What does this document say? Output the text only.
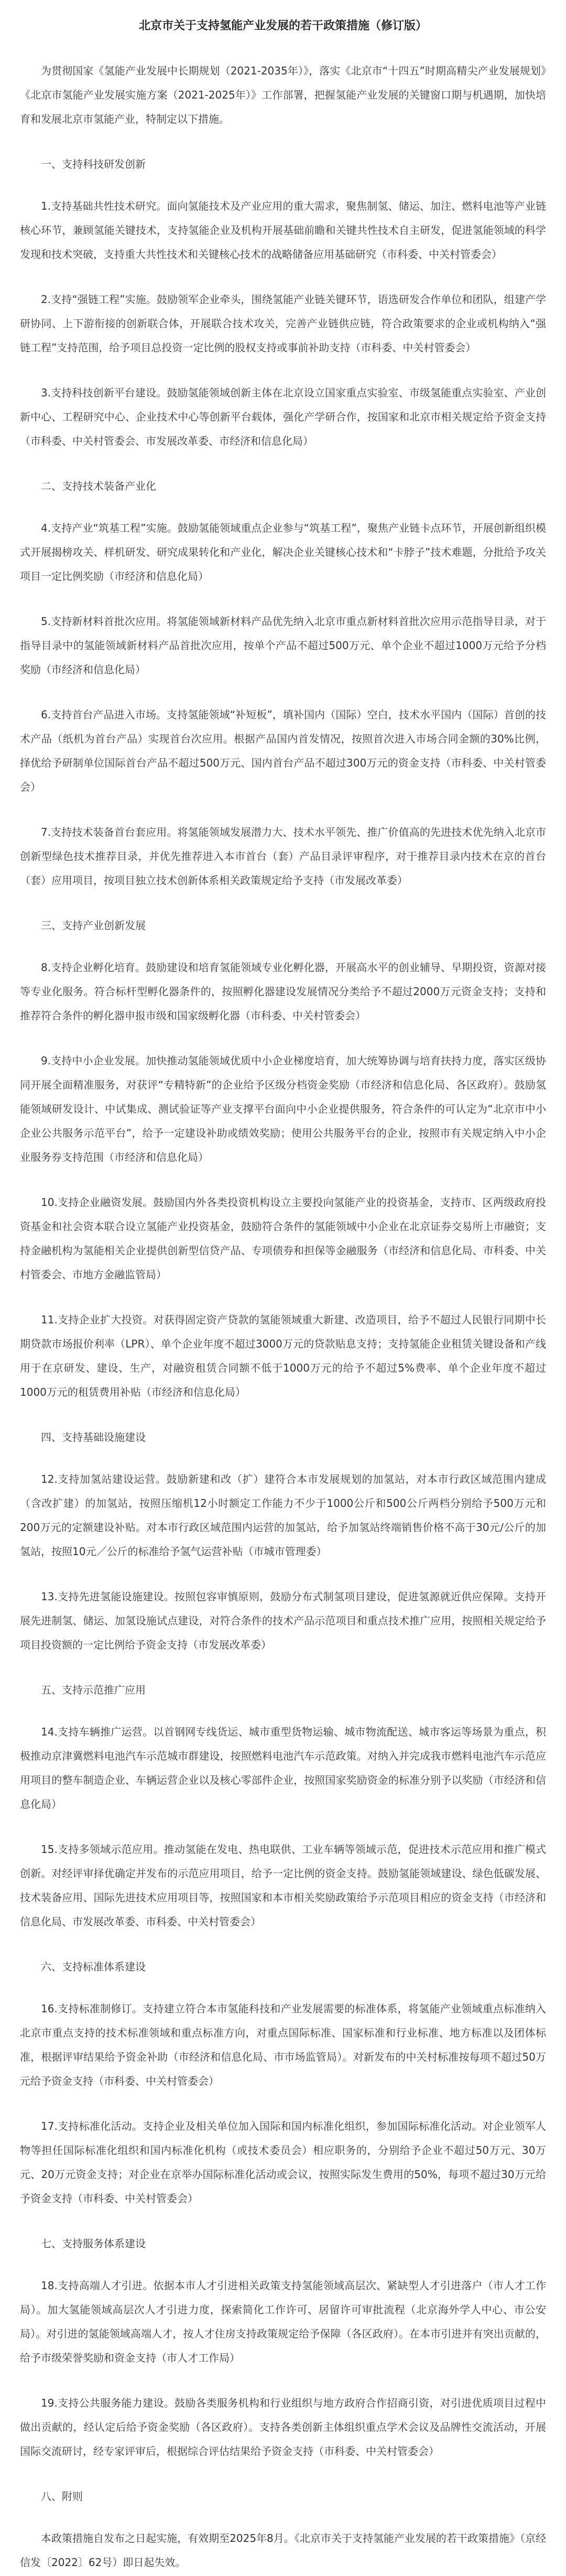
北京市关于支持氢能产业发展的若干政策措施（修订版）

为贯彻国家《氢能产业发展中长期规划（2021-2035年）》，落实《北京市“十四五”时期高精尖产业发展规划》《北京市氢能产业发展实施方案（2021-2025年）》工作部署，把握氢能产业发展的关键窗口期与机遇期，加快培育和发展北京市氢能产业，特制定以下措施。

一、支持科技研发创新

1.支持基础共性技术研究。面向氢能技术及产业应用的重大需求，聚焦制氢、储运、加注、燃料电池等产业链核心环节，兼顾氢能关键技术，支持氢能企业及机构开展基础前瞻和关键共性技术自主研发，促进氢能领域的科学发现和技术突破，支持重大共性技术和关键核心技术的战略储备应用基础研究（市科委、中关村管委会）

2.支持“强链工程”实施。鼓励领军企业牵头，围绕氢能产业链关键环节，语选研发合作单位和团队，组建产学研协同、上下游衔接的创新联合体，开展联合技术攻关，完善产业链供应链，符合政策要求的企业或机构纳入“强链工程”支持范围，给予项目总投资一定比例的股权支持或事前补助支持（市科委、中关村管委会）

3.支持科技创新平台建设。鼓励氢能领域创新主体在北京设立国家重点实验室、市级氢能重点实验室、产业创新中心、工程研究中心、企业技术中心等创新平台载体，强化产学研合作，按国家和北京市相关规定给予资金支持（市科委、中关村管委会、市发展改革委、市经济和信息化局）

二、支持技术装备产业化

4.支持产业“筑基工程”实施。鼓励氢能领域重点企业参与“筑基工程”，聚焦产业链卡点环节，开展创新组织模式开展揭榜攻关、样机研发、研究成果转化和产业化，解决企业关键核心技术和“卡脖子”技术难题，分批给予攻关项目一定比例奖励（市经济和信息化局）

5.支持新材料首批次应用。将氢能领域新材料产品优先纳入北京市重点新材料首批次应用示范指导目录，对于指导目录中的氢能领域新材料产品首批次应用，按单个产品不超过500万元、单个企业不超过1000万元给予分档奖励（市经济和信息化局）

6.支持首台产品进入市场。支持氢能领域“补短板”，填补国内（国际）空白，技术水平国内（国际）首创的技术产品（纸机为首台产品）实现首台次应用。根据产品国内首发情况，按照首次进入市场合同金额的30%比例，择优给予研制单位国际首台产品不超过500万元、国内首台产品不超过300万元的资金支持（市科委、中关村管委会）

7.支持技术装备首台套应用。将氢能领域发展潜力大、技术水平领先、推广价值高的先进技术优先纳入北京市创新型绿色技术推荐目录，并优先推荐进入本市首台（套）产品目录评审程序，对于推荐目录内技术在京的首台（套）应用项目，按项目独立技术创新体系相关政策规定给予支持（市发展改革委）

三、支持产业创新发展

8.支持企业孵化培育。鼓励建设和培育氢能领域专业化孵化器，开展高水平的创业辅导、早期投资，资源对接等专业化服务。符合标杆型孵化器条件的，按照孵化器建设发展情况分类给予不超过2000万元资金支持；支持和推荐符合条件的孵化器申报市级和国家级孵化器（市科委、中关村管委会）

9.支持中小企业发展。加快推动氢能领域优质中小企业梯度培育，加大统筹协调与培育扶持力度，落实区级协同开展全面精准服务，对获评“专精特新”的企业给予区级分档资金奖励（市经济和信息化局、各区政府）。鼓励氢能领域研发设计、中试集成、测试验证等产业支撑平台面向中小企业提供服务，符合条件的可认定为“北京市中小企业公共服务示范平台”，给予一定建设补助或绩效奖励；使用公共服务平台的企业，按照市有关规定纳入中小企业服务券支持范围（市经济和信息化局）

10.支持企业融资发展。鼓励国内外各类投资机构设立主要投向氢能产业的投资基金，支持市、区两级政府投资基金和社会资本联合设立氢能产业投资基金，鼓励符合条件的氢能领域中小企业在北京证券交易所上市融资；支持金融机构为氢能相关企业提供创新型信贷产品、专项债券和担保等金融服务（市经济和信息化局、市科委、中关村管委会、市地方金融监管局）

11.支持企业扩大投资。对获得固定资产贷款的氢能领域重大新建、改造项目，给予不超过人民银行同期中长期贷款市场报价利率（LPR）、单个企业年度不超过3000万元的贷款贴息支持；支持氢能企业租赁关键设备和产线用于在京研发、建设、生产，对融资租赁合同额不低于1000万元的给予不超过5%费率、单个企业年度不超过1000万元的租赁费用补贴（市经济和信息化局）

四、支持基础设施建设

12.支持加氢站建设运营。鼓励新建和改（扩）建符合本市发展规划的加氢站，对本市行政区域范围内建成（含改扩建）的加氢站，按照压缩机12小时额定工作能力不少于1000公斤和500公斤两档分别给予500万元和200万元的定额建设补贴。对本市行政区域范围内运营的加氢站，给予加氢站终端销售价格不高于30元/公斤的加氢站，按照10元／公斤的标准给予氢气运营补贴（市城市管理委）

13.支持先进氢能设施建设。按照包容审慎原则，鼓励分布式制氢项目建设，促进氢源就近供应保障。支持开展先进制氢、储运、加氢设施试点建设，对符合条件的技术产品示范项目和重点技术推广应用，按照相关规定给予项目投资额的一定比例给予资金支持（市发展改革委）

五、支持示范推广应用

14.支持车辆推广运营。以首钢网专线货运、城市重型货物运输、城市物流配送、城市客运等场景为重点，积极推动京津冀燃料电池汽车示范城市群建设，按照燃料电池汽车示范政策。对纳入并完成我市燃料电池汽车示范应用项目的整车制造企业、车辆运营企业以及核心零部件企业，按照国家奖励资金的标准分别予以奖励（市经济和信息化局）

15.支持多领域示范应用。推动氢能在发电、热电联供、工业车辆等领域示范，促进技术示范应用和推广模式创新。对经评审择优确定并发布的示范应用项目，给予一定比例的资金支持。鼓励氢能领域建设、绿色低碳发展、技术装备应用、国际先进技术应用项目等，按照国家和本市相关奖励政策给予示范项目相应的资金支持（市经济和信息化局、市发展改革委、市科委、中关村管委会）

六、支持标准体系建设

16.支持标准制修订。支持建立符合本市氢能科技和产业发展需要的标准体系，将氢能产业领域重点标准纳入北京市重点支持的技术标准领域和重点标准方向，对重点国际标准、国家标准和行业标准、地方标准以及团体标准，根据评审结果给予资金补助（市经济和信息化局、市市场监管局）。对新发布的中关村标准按每项不超过50万元给予资金支持（市科委、中关村管委会）

17.支持标准化活动。支持企业及相关单位加入国际和国内标准化组织，参加国际标准化活动。对企业领军人物等担任国际标准化组织和国内标准化机构（或技术委员会）相应职务的，分别给予企业不超过50万元、30万元、20万元资金支持；对企业在京举办国际标准化活动或会议，按照实际发生费用的50%，每项不超过30万元给予资金支持（市科委、中关村管委会）

七、支持服务体系建设

18.支持高端人才引进。依据本市人才引进相关政策支持氢能领域高层次、紧缺型人才引进落户（市人才工作局）。加大氢能领域高层次人才引进力度，探索简化工作许可、居留许可审批流程（北京海外学人中心、市公安局）。对引进的氢能领域高端人才，按人才住房支持政策规定给予保障（各区政府）。在本市引进并有突出贡献的，给予市级荣誉奖励和资金支持（市人才工作局）

19.支持公共服务能力建设。鼓励各类服务机构和行业组织与地方政府合作招商引资，对引进优质项目过程中做出贡献的，经认定后给予资金奖励（各区政府）。支持各类创新主体组织重点学术会议及品牌性交流活动，开展国际交流研讨，经专家评审后，根据综合评估结果给予资金支持（市科委、中关村管委会）

八、附则

本政策措施自发布之日起实施，有效期至2025年8月。《北京市关于支持氢能产业发展的若干政策措施》（京经信发〔2022〕62号）即日起失效。
